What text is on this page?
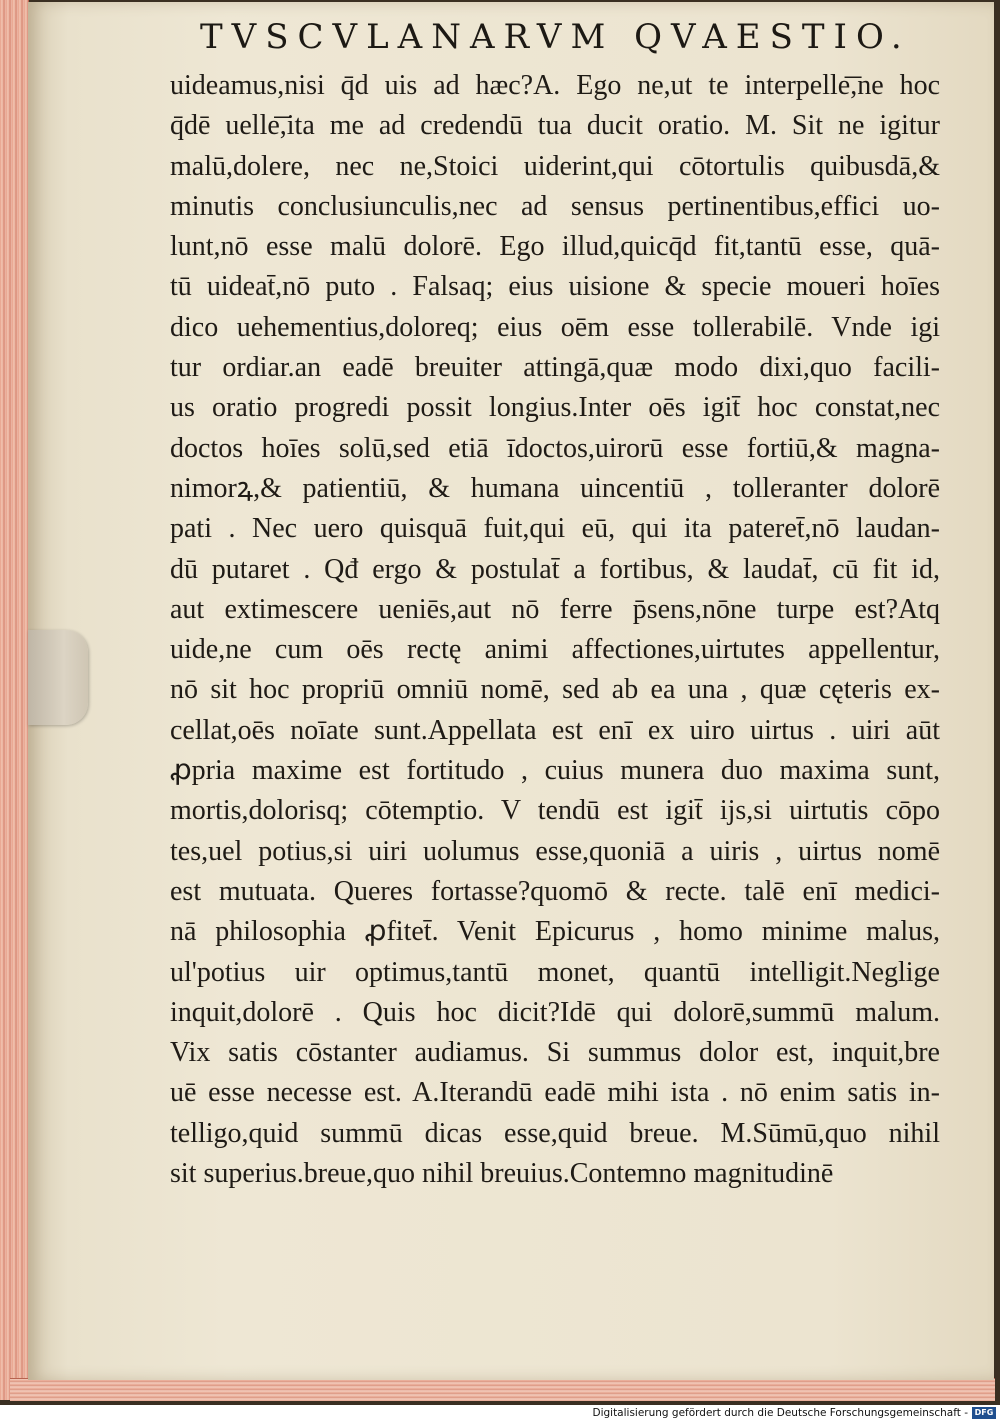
TVSCVLANARVM QVAESTIO.
uideamus,nisi q̄d uis ad hæc?A. Ego ne,ut te interpelle͞,ne hoc
q̄dē uelle͞,ita me ad credendū tua ducit oratio. M. Sit ne igitur
malū,dolere, nec ne,Stoici uiderint,qui cōtortulis quibusdā,&
minutis conclusiunculis,nec ad sensus pertinentibus,effici uo-
lunt,nō esse malū dolorē. Ego illud,quicq̄d fit,tantū esse, quā-
tū uideat̄,nō puto . Falsaq; eius uisione & specie moueri hoīes
dico uehementius,doloreq; eius oēm esse tollerabilē. Vnde igi
tur ordiar.an eadē breuiter attingā,quæ modo dixi,quo facili-
us oratio progredi possit longius.Inter oēs igit̄ hoc constat,nec
doctos hoīes solū,sed etiā īdoctos,uirorū esse fortiū,& magna-
nimorꝝ,& patientiū, & humana uincentiū , tolleranter dolorē
pati . Nec uero quisquā fuit,qui eū, qui ita pateret̄,nō laudan-
dū putaret . Qđ ergo & postulat̄ a fortibus, & laudat̄, cū fit id,
aut extimescere ueniēs,aut nō ferre p̄sens,nōne turpe est?Atq
uide,ne cum oēs rectę animi affectiones,uirtutes appellentur,
nō sit hoc propriū omniū nomē, sed ab ea una , quæ cęteris ex-
cellat,oēs noīate sunt.Appellata est enī ex uiro uirtus . uiri aūt
ꝓpria maxime est fortitudo , cuius munera duo maxima sunt,
mortis,dolorisq; cōtemptio. V tendū est igit̄ ijs,si uirtutis cōpo
tes,uel potius,si uiri uolumus esse,quoniā a uiris , uirtus nomē
est mutuata. Queres fortasse?quomō & recte. talē enī medici-
nā philosophia ꝓfitet̄. Venit Epicurus , homo minime malus,
ul'potius uir optimus,tantū monet, quantū intelligit.Neglige
inquit,dolorē . Quis hoc dicit?Idē qui dolorē,summū malum.
Vix satis cōstanter audiamus. Si summus dolor est, inquit,bre
uē esse necesse est. A.Iterandū eadē mihi ista . nō enim satis in-
telligo,quid summū dicas esse,quid breue. M.Sūmū,quo nihil
sit superius.breue,quo nihil breuius.Contemno magnitudinē
Digitalisierung gefördert durch die Deutsche Forschungsgemeinschaft - DFG
